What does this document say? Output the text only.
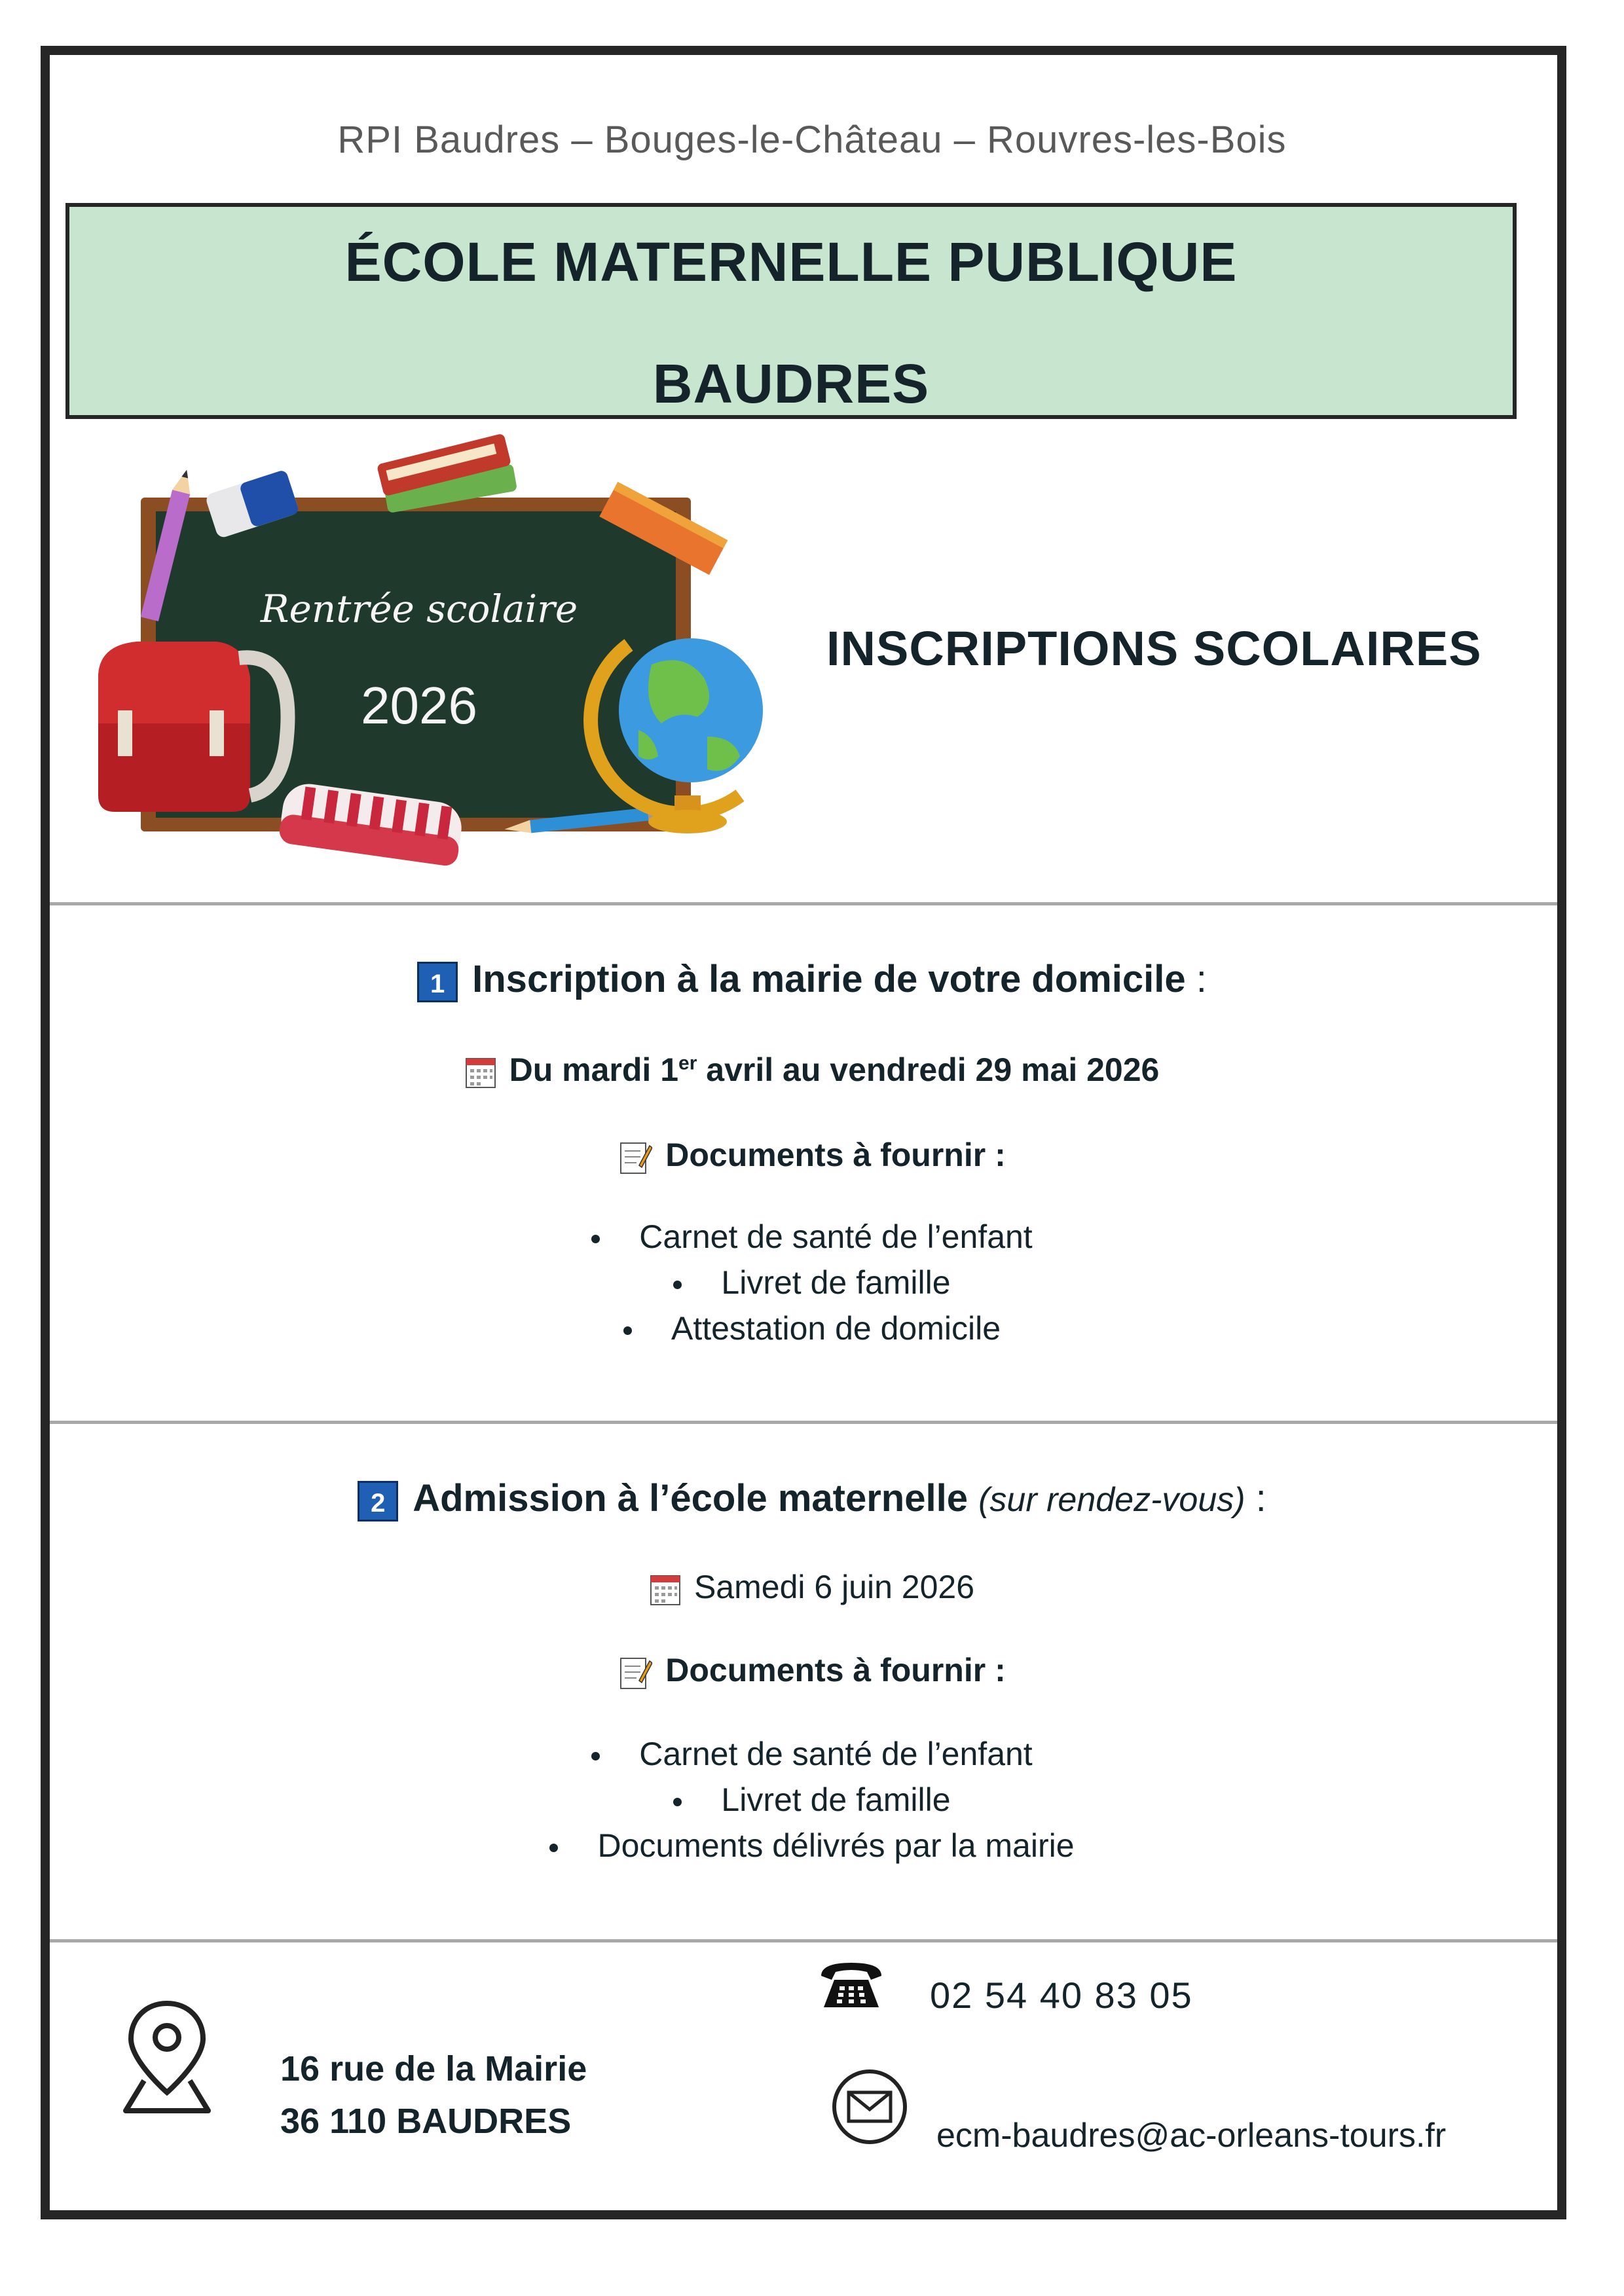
RPI Baudres – Bouges-le-Château – Rouvres-les-Bois
ÉCOLE MATERNELLE PUBLIQUE
BAUDRES
Rentrée scolaire
2026
INSCRIPTIONS SCOLAIRES
1 Inscription à la mairie de votre domicile :
Du mardi 1er avril au vendredi 29 mai 2026
Documents à fournir :
Carnet de santé de l’enfant
Livret de famille
Attestation de domicile
2 Admission à l’école maternelle (sur rendez-vous) :
Samedi 6 juin 2026
Documents à fournir :
Carnet de santé de l’enfant
Livret de famille
Documents délivrés par la mairie
16 rue de la Mairie
36 110 BAUDRES
02 54 40 83 05
ecm-baudres@ac-orleans-tours.fr
